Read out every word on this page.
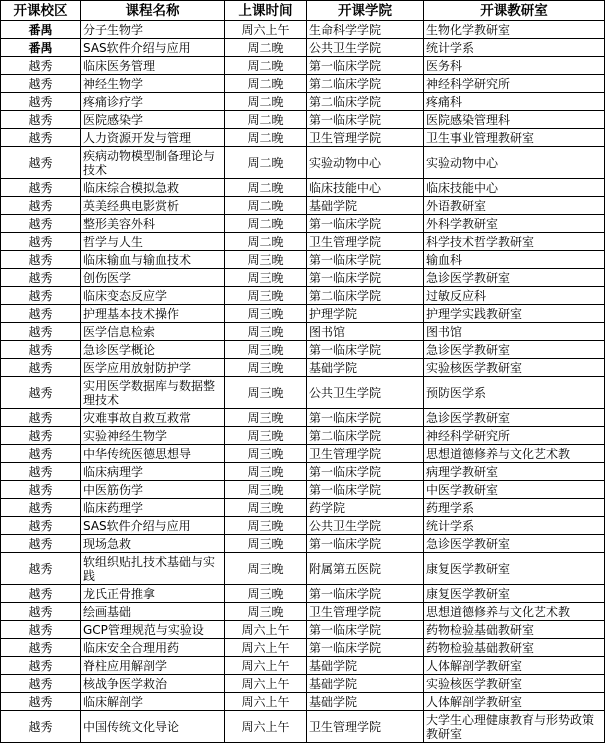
开课校区	课程名称	上课时间	开课学院	开课教研室
番禺	分子生物学	周六上午	生命科学学院	生物化学教研室
番禺	SAS软件介绍与应用	周二晚	公共卫生学院	统计学系
越秀	临床医务管理	周二晚	第一临床学院	医务科
越秀	神经生物学	周二晚	第二临床学院	神经科学研究所
越秀	疼痛诊疗学	周二晚	第二临床学院	疼痛科
越秀	医院感染学	周二晚	第一临床学院	医院感染管理科
越秀	人力资源开发与管理	周二晚	卫生管理学院	卫生事业管理教研室
越秀	疾病动物模型制备理论与技术	周二晚	实验动物中心	实验动物中心
越秀	临床综合模拟急救	周二晚	临床技能中心	临床技能中心
越秀	英美经典电影赏析	周二晚	基础学院	外语教研室
越秀	整形美容外科	周二晚	第一临床学院	外科学教研室
越秀	哲学与人生	周二晚	卫生管理学院	科学技术哲学教研室
越秀	临床输血与输血技术	周三晚	第一临床学院	输血科
越秀	创伤医学	周三晚	第一临床学院	急诊医学教研室
越秀	临床变态反应学	周三晚	第二临床学院	过敏反应科
越秀	护理基本技术操作	周三晚	护理学院	护理学实践教研室
越秀	医学信息检索	周三晚	图书馆	图书馆
越秀	急诊医学概论	周三晚	第一临床学院	急诊医学教研室
越秀	医学应用放射防护学	周三晚	基础学院	实验核医学教研室
越秀	实用医学数据库与数据整理技术	周三晚	公共卫生学院	预防医学系
越秀	灾难事故自救互救常	周三晚	第一临床学院	急诊医学教研室
越秀	实验神经生物学	周三晚	第二临床学院	神经科学研究所
越秀	中华传统医德思想导	周三晚	卫生管理学院	思想道德修养与文化艺术教
越秀	临床病理学	周三晚	第一临床学院	病理学教研室
越秀	中医筋伤学	周三晚	第一临床学院	中医学教研室
越秀	临床药理学	周三晚	药学院	药理学系
越秀	SAS软件介绍与应用	周三晚	公共卫生学院	统计学系
越秀	现场急救	周三晚	第一临床学院	急诊医学教研室
越秀	软组织贴扎技术基础与实践	周三晚	附属第五医院	康复医学教研室
越秀	龙氏正骨推拿	周三晚	第一临床学院	康复医学教研室
越秀	绘画基础	周三晚	卫生管理学院	思想道德修养与文化艺术教
越秀	GCP管理规范与实验设	周六上午	第一临床学院	药物检验基础教研室
越秀	临床安全合理用药	周六上午	第一临床学院	药物检验基础教研室
越秀	脊柱应用解剖学	周六上午	基础学院	人体解剖学教研室
越秀	核战争医学救治	周六上午	基础学院	实验核医学教研室
越秀	临床解剖学	周六上午	基础学院	人体解剖学教研室
越秀	中国传统文化导论	周六上午	卫生管理学院	大学生心理健康教育与形势政策教研室
